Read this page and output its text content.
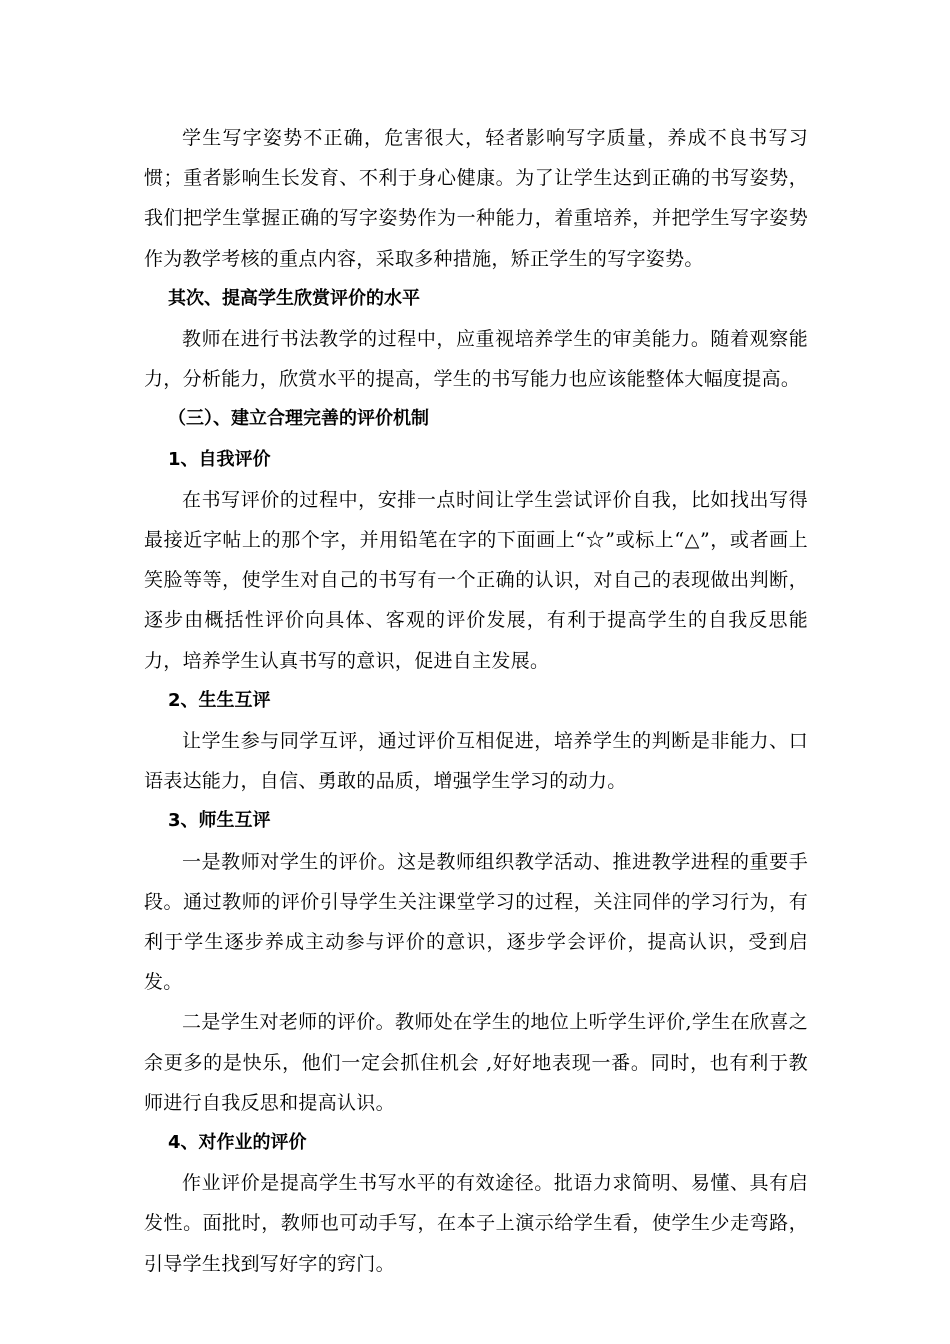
学生写字姿势不正确，危害很大，轻者影响写字质量，养成不良书写习惯；重者影响生长发育、不利于身心健康。为了让学生达到正确的书写姿势，我们把学生掌握正确的写字姿势作为一种能力，着重培养，并把学生写字姿势作为教学考核的重点内容，采取多种措施，矫正学生的写字姿势。

其次、提高学生欣赏评价的水平

教师在进行书法教学的过程中，应重视培养学生的审美能力。随着观察能力，分析能力，欣赏水平的提高，学生的书写能力也应该能整体大幅度提高。

（三）、建立合理完善的评价机制
1、自我评价

在书写评价的过程中，安排一点时间让学生尝试评价自我，比如找出写得最接近字帖上的那个字，并用铅笔在字的下面画上“☆”或标上“△”，或者画上笑脸等等，使学生对自己的书写有一个正确的认识，对自己的表现做出判断，逐步由概括性评价向具体、客观的评价发展，有利于提高学生的自我反思能力，培养学生认真书写的意识，促进自主发展。

2、生生互评

让学生参与同学互评，通过评价互相促进，培养学生的判断是非能力、口语表达能力，自信、勇敢的品质，增强学生学习的动力。

3、师生互评

一是教师对学生的评价。这是教师组织教学活动、推进教学进程的重要手段。通过教师的评价引导学生关注课堂学习的过程，关注同伴的学习行为，有利于学生逐步养成主动参与评价的意识，逐步学会评价，提高认识，受到启发。

二是学生对老师的评价。教师处在学生的地位上听学生评价,学生在欣喜之余更多的是快乐，他们一定会抓住机会 ,好好地表现一番。同时，也有利于教师进行自我反思和提高认识。

4、对作业的评价

作业评价是提高学生书写水平的有效途径。批语力求简明、易懂、具有启发性。面批时，教师也可动手写，在本子上演示给学生看，使学生少走弯路，引导学生找到写好字的窍门。
